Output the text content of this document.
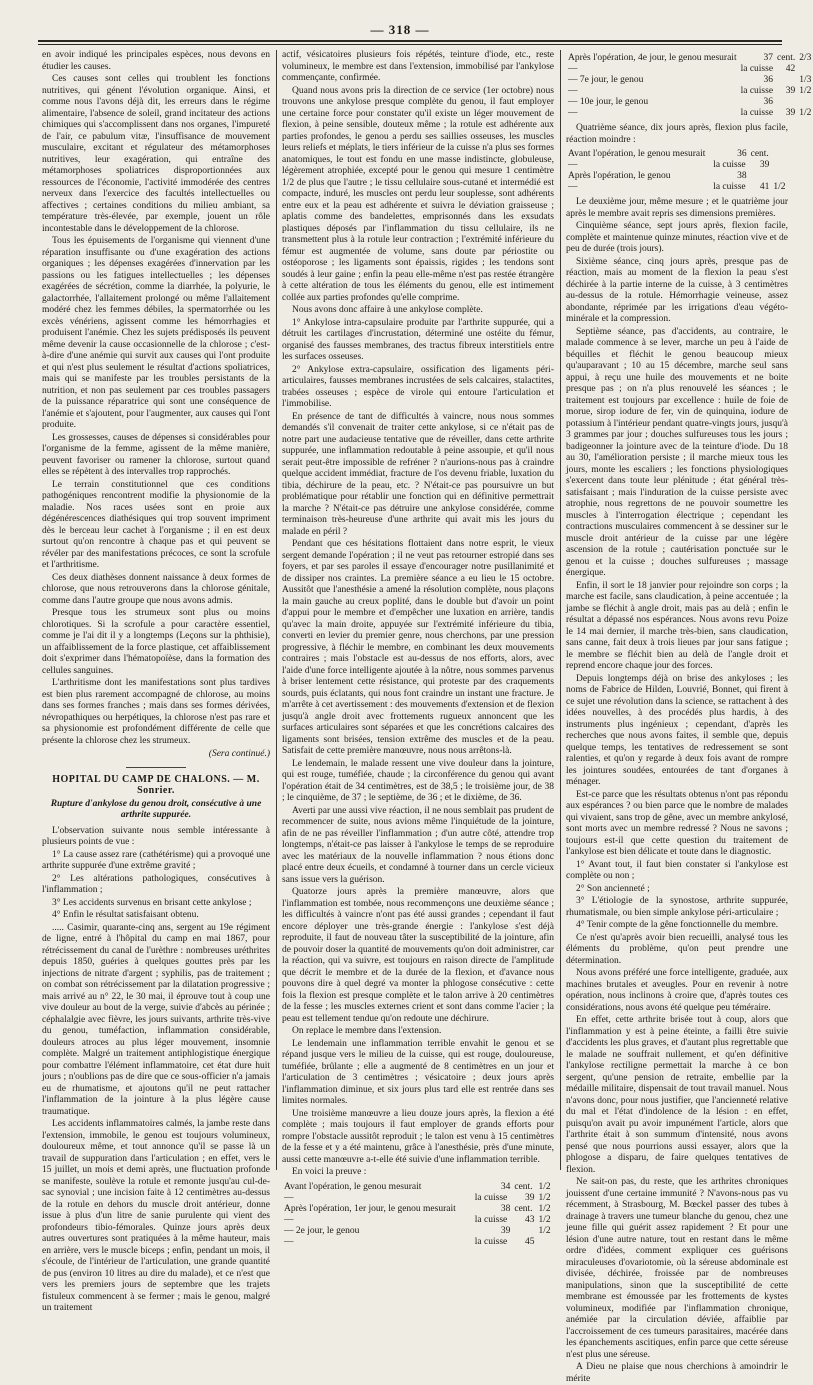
— 318 —

en avoir indiqué les principales espèces, nous devons en étudier les causes.

Ces causes sont celles qui troublent les fonctions nutritives, qui génent l'évolution organique. Ainsi, et comme nous l'avons déjà dit, les erreurs dans le régime alimentaire, l'absence de soleil, grand incitateur des actions chimiques qui s'accomplissent dans nos organes, l'impureté de l'air, ce pabulum vitæ, l'insuffisance de mouvement musculaire, excitant et régulateur des métamorphoses nutritives, leur exagération, qui entraîne des métamorphoses spoliatrices disproportionnées aux ressources de l'économie, l'activité immodérée des centres nerveux dans l'exercice des facultés intellectuelles ou affectives ; certaines conditions du milieu ambiant, sa température très-élevée, par exemple, jouent un rôle incontestable dans le développement de la chlorose.

Tous les épuisements de l'organisme qui viennent d'une réparation insuffisante ou d'une exagération des actions organiques ; les dépenses exagérées d'innervation par les passions ou les fatigues intellectuelles ; les dépenses exagérées de sécrétion, comme la diarrhée, la polyurie, le galactorrhée, l'allaitement prolongé ou même l'allaitement modéré chez les femmes débiles, la spermatorrhée ou les excès vénériens, agissent comme les hémorrhagies et produisent l'anémie. Chez les sujets prédisposés ils peuvent même devenir la cause occasionnelle de la chlorose ; c'est-à-dire d'une anémie qui survit aux causes qui l'ont produite et qui n'est plus seulement le résultat d'actions spoliatrices, mais qui se manifeste par les troubles persistants de la nutrition, et non pas seulement par ces troubles passagers de la puissance réparatrice qui sont une conséquence de l'anémie et s'ajoutent, pour l'augmenter, aux causes qui l'ont produite.

Les grossesses, causes de dépenses si considérables pour l'organisme de la femme, agissent de la même manière, peuvent favoriser ou ramener la chlorose, surtout quand elles se répètent à des intervalles trop rapprochés.

Le terrain constitutionnel que ces conditions pathogéniques rencontrent modifie la physionomie de la maladie. Nos races usées sont en proie aux dégénérescences diathésiques qui trop souvent impriment dès le berceau leur cachet à l'organisme ; il en est deux surtout qu'on rencontre à chaque pas et qui peuvent se révéler par des manifestations précoces, ce sont la scrofule et l'arthritisme.

Ces deux diathèses donnent naissance à deux formes de chlorose, que nous retrouverons dans la chlorose génitale, comme dans l'autre groupe que nous avons admis.

Presque tous les strumeux sont plus ou moins chlorotiques. Si la scrofule a pour caractère essentiel, comme je l'ai dit il y a longtemps (Leçons sur la phthisie), un affaiblissement de la force plastique, cet affaiblissement doit s'exprimer dans l'hématopoïèse, dans la formation des cellules sanguines.

L'arthritisme dont les manifestations sont plus tardives est bien plus rarement accompagné de chlorose, au moins dans ses formes franches ; mais dans ses formes dérivées, névropathiques ou herpétiques, la chlorose n'est pas rare et sa physionomie est profondément différente de celle que présente la chlorose chez les strumeux.

(Sera continué.)
HOPITAL DU CAMP DE CHALONS. — M. Sonrier.
Rupture d'ankylose du genou droit, consécutive à une arthrite suppurée.

L'observation suivante nous semble intéressante à plusieurs points de vue :

1° La cause assez rare (cathétérisme) qui a provoqué une arthrite suppurée d'une extrême gravité ;

2° Les altérations pathologiques, consécutives à l'inflammation ;

3° Les accidents survenus en brisant cette ankylose ;

4° Enfin le résultat satisfaisant obtenu.

..... Casimir, quarante-cinq ans, sergent au 19e régiment de ligne, entré à l'hôpital du camp en mai 1867, pour rétrécissement du canal de l'urèthre : nombreuses uréthrites depuis 1850, guéries à quelques gouttes près par les injections de nitrate d'argent ; syphilis, pas de traitement ; on combat son rétrécissement par la dilatation progressive ; mais arrivé au n° 22, le 30 mai, il éprouve tout à coup une vive douleur au bout de la verge, suivie d'abcès au périnée ; céphalalgie avec fièvre, les jours suivants, arthrite très-vive du genou, tuméfaction, inflammation considérable, douleurs atroces au plus léger mouvement, insomnie complète. Malgré un traitement antiphlogistique énergique pour combattre l'élément inflammatoire, cet état dure huit jours ; n'oublions pas de dire que ce sous-officier n'a jamais eu de rhumatisme, et ajoutons qu'il ne peut rattacher l'inflammation de la jointure à la plus légère cause traumatique.

Les accidents inflammatoires calmés, la jambe reste dans l'extension, immobile, le genou est toujours volumineux, douloureux même, et tout annonce qu'il se passe là un travail de suppuration dans l'articulation ; en effet, vers le 15 juillet, un mois et demi après, une fluctuation profonde se manifeste, soulève la rotule et remonte jusqu'au cul-de-sac synovial ; une incision faite à 12 centimètres au-dessus de la rotule en dehors du muscle droit antérieur, donne issue à plus d'un litre de sanie purulente qui vient des profondeurs tibio-fémorales. Quinze jours après deux autres ouvertures sont pratiquées à la même hauteur, mais en arrière, vers le muscle biceps ; enfin, pendant un mois, il s'écoule, de l'intérieur de l'articulation, une grande quantité de pus (environ 10 litres au dire du malade), et ce n'est que vers les premiers jours de septembre que les trajets fistuleux commencent à se fermer ; mais le genou, malgré un traitement

actif, vésicatoires plusieurs fois répétés, teinture d'iode, etc., reste volumineux, le membre est dans l'extension, immobilisé par l'ankylose commençante, confirmée.

Quand nous avons pris la direction de ce service (1er octobre) nous trouvons une ankylose presque complète du genou, il faut employer une certaine force pour constater qu'il existe un léger mouvement de flexion, à peine sensible, douteux même ; la rotule est adhérente aux parties profondes, le genou a perdu ses saillies osseuses, les muscles leurs reliefs et méplats, le tiers inférieur de la cuisse n'a plus ses formes anatomiques, le tout est fondu en une masse indistincte, globuleuse, légèrement atrophiée, excepté pour le genou qui mesure 1 centimètre 1/2 de plus que l'autre ; le tissu cellulaire sous-cutané et intermédié est compacte, induré, les muscles ont perdu leur souplesse, sont adhérents entre eux et la peau est adhérente et suivra le déviation graisseuse ; aplatis comme des bandelettes, emprisonnés dans les exsudats plastiques déposés par l'inflammation du tissu cellulaire, ils ne transmettent plus à la rotule leur contraction ; l'extrémité inférieure du fémur est augmentée de volume, sans doute par périostite ou ostéoporose ; les ligaments sont épaissis, rigides ; les tendons sont soudés à leur gaine ; enfin la peau elle-même n'est pas restée étrangère à cette altération de tous les éléments du genou, elle est intimement collée aux parties profondes qu'elle comprime.

Nous avons donc affaire à une ankylose complète.

1° Ankylose intra-capsulaire produite par l'arthrite suppurée, qui a détruit les cartilages d'incrustation, déterminé une ostéite du fémur, organisé des fausses membranes, des tractus fibreux interstitiels entre les surfaces osseuses.

2° Ankylose extra-capsulaire, ossification des ligaments péri-articulaires, fausses membranes incrustées de sels calcaires, stalactites, trabées osseuses ; espèce de virole qui entoure l'articulation et l'immobilise.

En présence de tant de difficultés à vaincre, nous nous sommes demandés s'il convenait de traiter cette ankylose, si ce n'était pas de notre part une audacieuse tentative que de réveiller, dans cette arthrite suppurée, une inflammation redoutable à peine assoupie, et qu'il nous serait peut-être impossible de refréner ? n'aurions-nous pas à craindre quelque accident immédiat, fracture de l'os devenu friable, luxation du tibia, déchirure de la peau, etc. ? N'était-ce pas poursuivre un but problématique pour rétablir une fonction qui en définitive permettrait la marche ? N'était-ce pas détruire une ankylose considérée, comme terminaison très-heureuse d'une arthrite qui avait mis les jours du malade en péril ?

Pendant que ces hésitations flottaient dans notre esprit, le vieux sergent demande l'opération ; il ne veut pas retourner estropié dans ses foyers, et par ses paroles il essaye d'encourager notre pusillanimité et de dissiper nos craintes. La première séance a eu lieu le 15 octobre. Aussitôt que l'anesthésie a amené la résolution complète, nous plaçons la main gauche au creux poplité, dans le double but d'avoir un point d'appui pour le membre et d'empêcher une luxation en arrière, tandis qu'avec la main droite, appuyée sur l'extrémité inférieure du tibia, converti en levier du premier genre, nous cherchons, par une pression progressive, à fléchir le membre, en combinant les deux mouvements contraires ; mais l'obstacle est au-dessus de nos efforts, alors, avec l'aide d'une force intelligente ajoutée à la nôtre, nous sommes parvenus à briser lentement cette résistance, qui proteste par des craquements sourds, puis éclatants, qui nous font craindre un instant une fracture. Je m'arrête à cet avertissement : des mouvements d'extension et de flexion jusqu'à angle droit avec frottements rugueux annoncent que les surfaces articulaires sont séparées et que les concrétions calcaires des ligaments sont brisées, tension extrême des muscles et de la peau. Satisfait de cette première manœuvre, nous nous arrêtons-là.

Le lendemain, le malade ressent une vive douleur dans la jointure, qui est rouge, tuméfiée, chaude ; la circonférence du genou qui avant l'opération était de 34 centimètres, est de 38,5 ; le troisième jour, de 38 ; le cinquième, de 37 ; le septième, de 36 ; et le dixième, de 36.

Averti par une aussi vive réaction, il ne nous semblait pas prudent de recommencer de suite, nous avions même l'inquiétude de la jointure, afin de ne pas réveiller l'inflammation ; d'un autre côté, attendre trop longtemps, n'était-ce pas laisser à l'ankylose le temps de se reproduire avec les matériaux de la nouvelle inflammation ? nous étions donc placé entre deux écueils, et condamné à tourner dans un cercle vicieux sans issue vers la guérison.

Quatorze jours après la première manœuvre, alors que l'inflammation est tombée, nous recommençons une deuxième séance ; les difficultés à vaincre n'ont pas été aussi grandes ; cependant il faut encore déployer une très-grande énergie : l'ankylose s'est déjà reproduite, il faut de nouveau tâter la susceptibilité de la jointure, afin de pouvoir doser la quantité de mouvements qu'on doit administrer, car la réaction, qui va suivre, est toujours en raison directe de l'amplitude que décrit le membre et de la durée de la flexion, et d'avance nous pouvons dire à quel degré va monter la phlogose consécutive : cette fois la flexion est presque complète et le talon arrive à 20 centimètres de la fesse ; les muscles externes crient et sont dans comme l'acier ; la peau est tellement tendue qu'on redoute une déchirure.

On replace le membre dans l'extension.

Le lendemain une inflammation terrible envahit le genou et se répand jusque vers le milieu de la cuisse, qui est rouge, douloureuse, tuméfiée, brûlante ; elle a augmenté de 8 centimètres en un jour et l'articulation de 3 centimètres ; vésicatoire ; deux jours après l'inflammation diminue, et six jours plus tard elle est rentrée dans ses limites normales.

Une troisième manœuvre a lieu douze jours après, la flexion a été complète ; mais toujours il faut employer de grands efforts pour rompre l'obstacle aussitôt reproduit ; le talon est venu à 15 centimètres de la fesse et y a été maintenu, grâce à l'anesthésie, près d'une minute, aussi cette manœuvre a-t-elle été suivie d'une inflammation terrible.

En voici la preuve :

Avant l'opération, le genou mesurait	34	cent.	1/2
—	la cuisse	39	1/2
Après l'opération, 1er jour, le genou mesurait	38	cent.	1/2
—	la cuisse	43	1/2
— 2e jour, le genou	39		1/2
—	la cuisse	45	
Après l'opération, 4e jour, le genou mesurait	37	cent.	2/3
—	la cuisse	42	
— 7e jour, le genou	36		1/3
—	la cuisse	39	1/2
— 10e jour, le genou	36		
—	la cuisse	39	1/2

Quatrième séance, dix jours après, flexion plus facile, réaction moindre :

Avant l'opération, le genou mesurait	36	cent.	
—	la cuisse	39	
Après l'opération, le genou	38		
—	la cuisse	41	1/2

Le deuxième jour, même mesure ; et le quatrième jour après le membre avait repris ses dimensions premières.

Cinquième séance, sept jours après, flexion facile, complète et maintenue quinze minutes, réaction vive et de peu de durée (trois jours).

Sixième séance, cinq jours après, presque pas de réaction, mais au moment de la flexion la peau s'est déchirée à la partie interne de la cuisse, à 3 centimètres au-dessus de la rotule. Hémorrhagie veineuse, assez abondante, réprimée par les irrigations d'eau végéto-minérale et la compression.

Septième séance, pas d'accidents, au contraire, le malade commence à se lever, marche un peu à l'aide de béquilles et fléchit le genou beaucoup mieux qu'auparavant ; 10 au 15 décembre, marche seul sans appui, à reçu une huile des mouvements et ne boite presque pas ; on n'a plus renouvelé les séances ; le traitement est toujours par excellence : huile de foie de morue, sirop iodure de fer, vin de quinquina, iodure de potassium à l'intérieur pendant quatre-vingts jours, jusqu'à 3 grammes par jour ; douches sulfureuses tous les jours ; badigeonner la jointure avec de la teinture d'iode. Du 18 au 30, l'amélioration persiste ; il marche mieux tous les jours, monte les escaliers ; les fonctions physiologiques s'exercent dans toute leur plénitude ; état général très-satisfaisant ; mais l'induration de la cuisse persiste avec atrophie, nous regrettons de ne pouvoir soumettre les muscles à l'interrogation électrique ; cependant les contractions musculaires commencent à se dessiner sur le muscle droit antérieur de la cuisse par une légère ascension de la rotule ; cautérisation ponctuée sur le genou et la cuisse ; douches sulfureuses ; massage énergique.

Enfin, il sort le 18 janvier pour rejoindre son corps ; la marche est facile, sans claudication, à peine accentuée ; la jambe se fléchit à angle droit, mais pas au delà ; enfin le résultat a dépassé nos espérances. Nous avons revu Poize le 14 mai dernier, il marche très-bien, sans claudication, sans canne, fait deux à trois lieues par jour sans fatigue ; le membre se fléchit bien au delà de l'angle droit et reprend encore chaque jour des forces.

Depuis longtemps déjà on brise des ankyloses ; les noms de Fabrice de Hilden, Louvrié, Bonnet, qui firent à ce sujet une révolution dans la science, se rattachent à des idées nouvelles, à des procédés plus hardis, à des instruments plus ingénieux ; cependant, d'après les recherches que nous avons faites, il semble que, depuis quelque temps, les tentatives de redressement se sont ralenties, et qu'on y regarde à deux fois avant de rompre les jointures soudées, entourées de tant d'organes à ménager.

Est-ce parce que les résultats obtenus n'ont pas répondu aux espérances ? ou bien parce que le nombre de malades qui vivaient, sans trop de gêne, avec un membre ankylosé, sont morts avec un membre redressé ? Nous ne savons ; toujours est-il que cette question du traitement de l'ankylose est bien délicate et toute dans le diagnostic.

1° Avant tout, il faut bien constater si l'ankylose est complète ou non ;

2° Son ancienneté ;

3° L'étiologie de la synostose, arthrite suppurée, rhumatismale, ou bien simple ankylose péri-articulaire ;

4° Tenir compte de la gêne fonctionnelle du membre.

Ce n'est qu'après avoir bien recueilli, analysé tous les éléments du problème, qu'on peut prendre une détermination.

Nous avons préféré une force intelligente, graduée, aux machines brutales et aveugles. Pour en revenir à notre opération, nous inclinons à croire que, d'après toutes ces considérations, nous avons été quelque peu téméraire.

En effet, cette arthrite brisée tout à coup, alors que l'inflammation y est à peine éteinte, a failli être suivie d'accidents les plus graves, et d'autant plus regrettable que le malade ne souffrait nullement, et qu'en définitive l'ankylose rectiligne permettait la marche à ce bon sergent, qu'une pension de retraite, embellie par la médaille militaire, dispensait de tout travail manuel. Nous n'avons donc, pour nous justifier, que l'ancienneté relative du mal et l'état d'indolence de la lésion : en effet, puisqu'on avait pu avoir impunément l'article, alors que l'arthrite était à son summum d'intensité, nous avons pensé que nous pourrions aussi essayer, alors que la phlogose a disparu, de faire quelques tentatives de flexion.

Ne sait-on pas, du reste, que les arthrites chroniques jouissent d'une certaine immunité ? N'avons-nous pas vu récemment, à Strasbourg, M. Bœckel passer des tubes à drainage à travers une tumeur blanche du genou, chez une jeune fille qui guérit assez rapidement ? Et pour une lésion d'une autre nature, tout en restant dans le même ordre d'idées, comment expliquer ces guérisons miraculeuses d'ovariotomie, où la séreuse abdominale est divisée, déchirée, froissée par de nombreuses manipulations, sinon que la susceptibilité de cette membrane est émoussée par les frottements de kystes volumineux, modifiée par l'inflammation chronique, anémiée par la circulation déviée, affaiblie par l'accroissement de ces tumeurs parasitaires, macérée dans les épanchements ascitiques, enfin parce que cette séreuse n'est plus une séreuse.

A Dieu ne plaise que nous cherchions à amoindrir le mérite
